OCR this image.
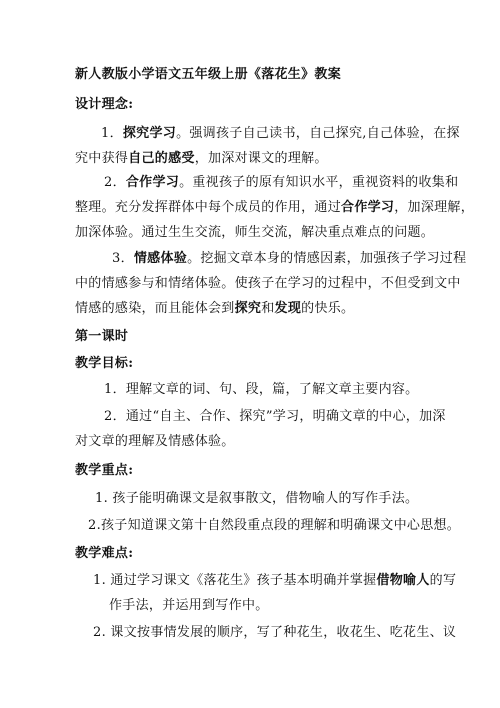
新人教版小学语文五年级上册《落花生》教案
设计理念:
1．探究学习。强调孩子自己读书，自己探究,自己体验，在探
究中获得自己的感受，加深对课文的理解。
2．合作学习。重视孩子的原有知识水平，重视资料的收集和
整理。充分发挥群体中每个成员的作用，通过合作学习，加深理解，
加深体验。通过生生交流，师生交流，解决重点难点的问题。
3．情感体验。挖掘文章本身的情感因素，加强孩子学习过程
中的情感参与和情绪体验。使孩子在学习的过程中，不但受到文中
情感的感染，而且能体会到探究和发现的快乐。
第一课时
教学目标:
1．理解文章的词、句、段，篇，了解文章主要内容。
2．通过“自主、合作、探究”学习，明确文章的中心，加深
对文章的理解及情感体验。
教学重点:
1. 孩子能明确课文是叙事散文，借物喻人的写作手法。
2.孩子知道课文第十自然段重点段的理解和明确课文中心思想。
教学难点:
1. 通过学习课文《落花生》孩子基本明确并掌握借物喻人的写
作手法，并运用到写作中。
2. 课文按事情发展的顺序，写了种花生，收花生、吃花生、议
